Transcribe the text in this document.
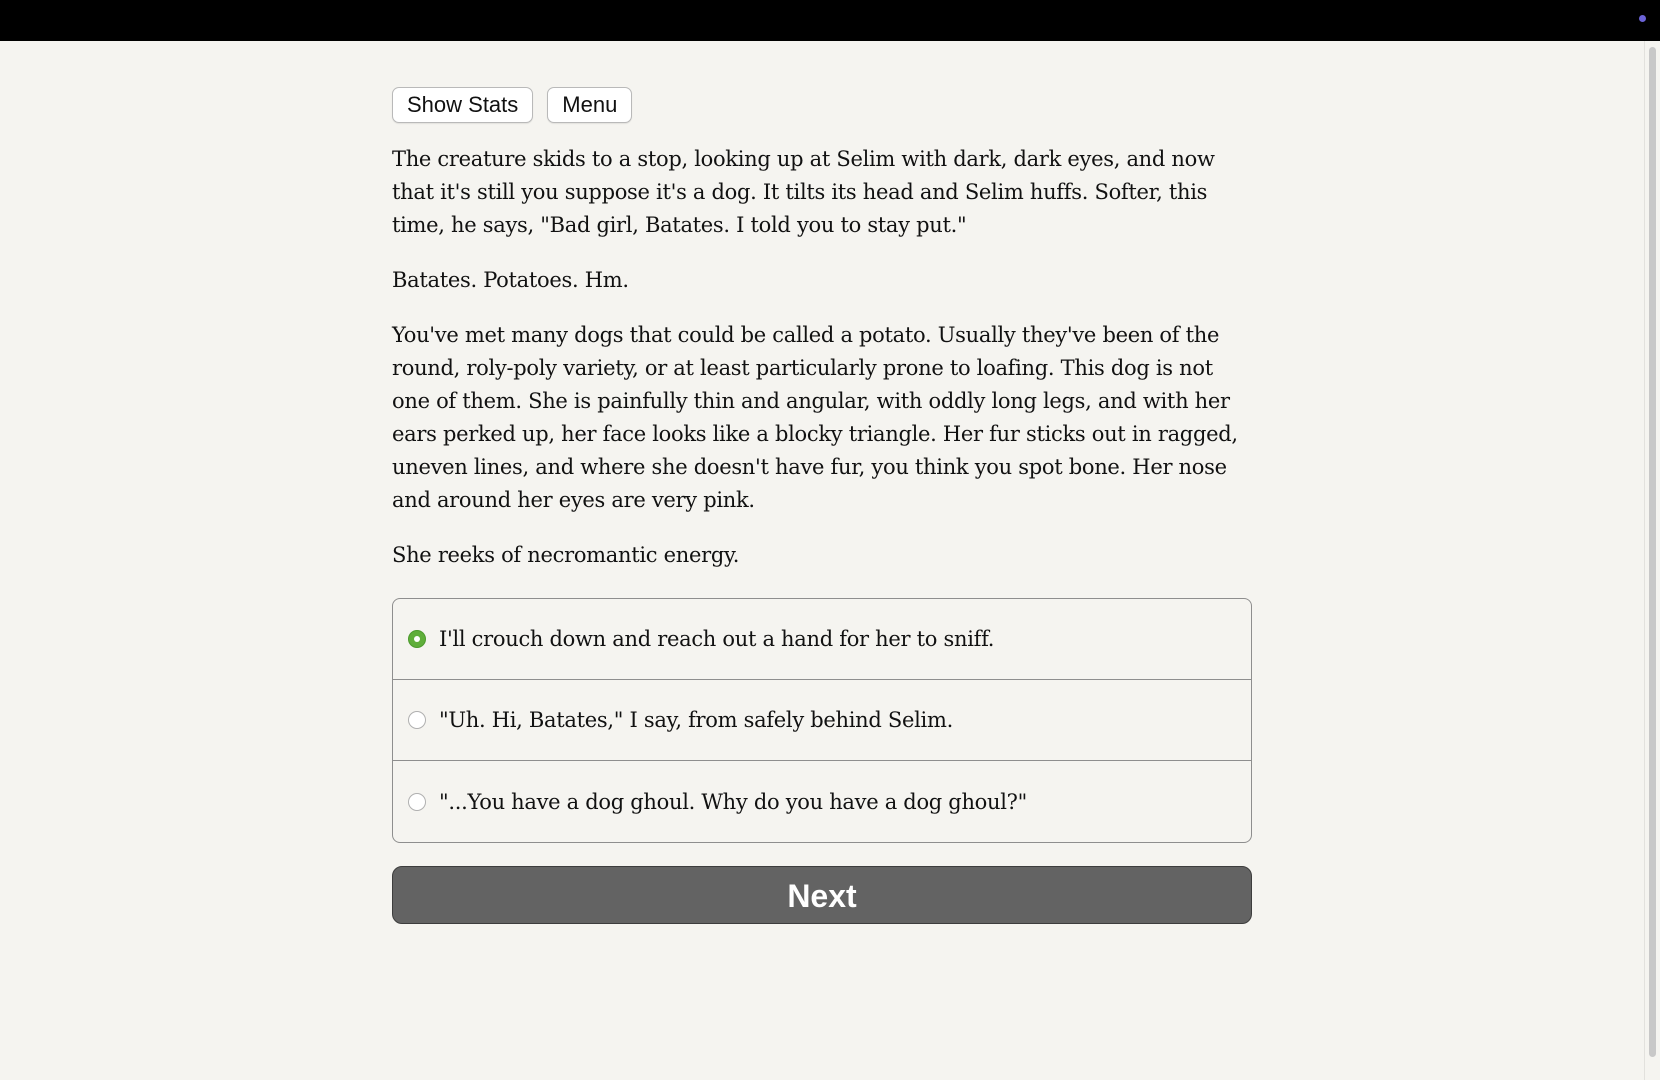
Show Stats	Menu

The creature skids to a stop, looking up at Selim with dark, dark eyes, and now that it's still you suppose it's a dog. It tilts its head and Selim huffs. Softer, this time, he says, "Bad girl, Batates. I told you to stay put."

Batates. Potatoes. Hm.

You've met many dogs that could be called a potato. Usually they've been of the round, roly-poly variety, or at least particularly prone to loafing. This dog is not one of them. She is painfully thin and angular, with oddly long legs, and with her ears perked up, her face looks like a blocky triangle. Her fur sticks out in ragged, uneven lines, and where she doesn't have fur, you think you spot bone. Her nose and around her eyes are very pink.

She reeks of necromantic energy.

I'll crouch down and reach out a hand for her to sniff.
"Uh. Hi, Batates," I say, from safely behind Selim.
"...You have a dog ghoul. Why do you have a dog ghoul?"
Next
